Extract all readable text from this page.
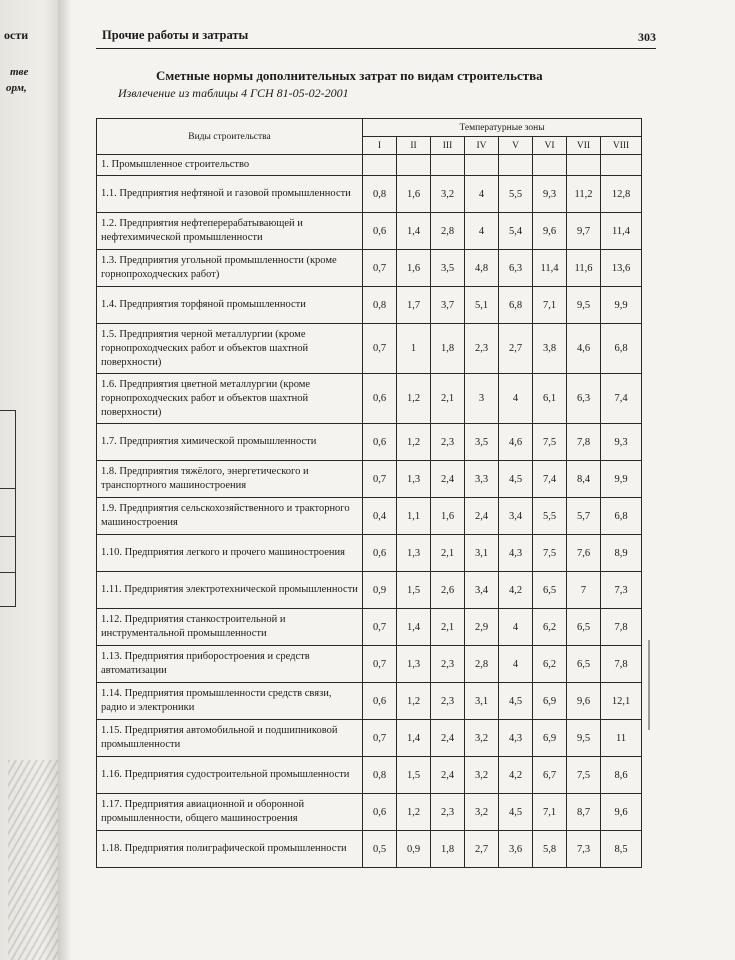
ости
твe
орм,
Прочие работы и затраты	303
Сметные нормы дополнительных затрат по видам строительства
Извлечение из таблицы 4 ГСН 81-05-02-2001
Виды строительства	Температурные зоны							
	I	II	III	IV	V	VI	VII	VIII
1. Промышленное строительство								
1.1. Предприятия нефтяной и газовой промышленности	0,8	1,6	3,2	4	5,5	9,3	11,2	12,8
1.2. Предприятия нефтеперерабатывающей и нефтехимической промышленности	0,6	1,4	2,8	4	5,4	9,6	9,7	11,4
1.3. Предприятия угольной промышленности (кроме горнопроходческих работ)	0,7	1,6	3,5	4,8	6,3	11,4	11,6	13,6
1.4. Предприятия торфяной промышленности	0,8	1,7	3,7	5,1	6,8	7,1	9,5	9,9
1.5. Предприятия черной металлургии (кроме горнопроходческих работ и объектов шахтной поверхности)	0,7	1	1,8	2,3	2,7	3,8	4,6	6,8
1.6. Предприятия цветной металлургии (кроме горнопроходческих работ и объектов шахтной поверхности)	0,6	1,2	2,1	3	4	6,1	6,3	7,4
1.7. Предприятия химической промышленности	0,6	1,2	2,3	3,5	4,6	7,5	7,8	9,3
1.8. Предприятия тяжёлого, энергетического и транспортного машиностроения	0,7	1,3	2,4	3,3	4,5	7,4	8,4	9,9
1.9. Предприятия сельскохозяйственного и тракторного машиностроения	0,4	1,1	1,6	2,4	3,4	5,5	5,7	6,8
1.10. Предприятия легкого и прочего машиностроения	0,6	1,3	2,1	3,1	4,3	7,5	7,6	8,9
1.11. Предприятия электротехнической промышленности	0,9	1,5	2,6	3,4	4,2	6,5	7	7,3
1.12. Предприятия станкостроительной и инструментальной промышленности	0,7	1,4	2,1	2,9	4	6,2	6,5	7,8
1.13. Предприятия приборостроения и средств автоматизации	0,7	1,3	2,3	2,8	4	6,2	6,5	7,8
1.14. Предприятия промышленности средств связи, радио и электроники	0,6	1,2	2,3	3,1	4,5	6,9	9,6	12,1
1.15. Предприятия автомобильной и подшипниковой промышленности	0,7	1,4	2,4	3,2	4,3	6,9	9,5	11
1.16. Предприятия судостроительной промышленности	0,8	1,5	2,4	3,2	4,2	6,7	7,5	8,6
1.17. Предприятия авиационной и оборонной промышленности, общего машиностроения	0,6	1,2	2,3	3,2	4,5	7,1	8,7	9,6
1.18. Предприятия полиграфической промышленности	0,5	0,9	1,8	2,7	3,6	5,8	7,3	8,5
